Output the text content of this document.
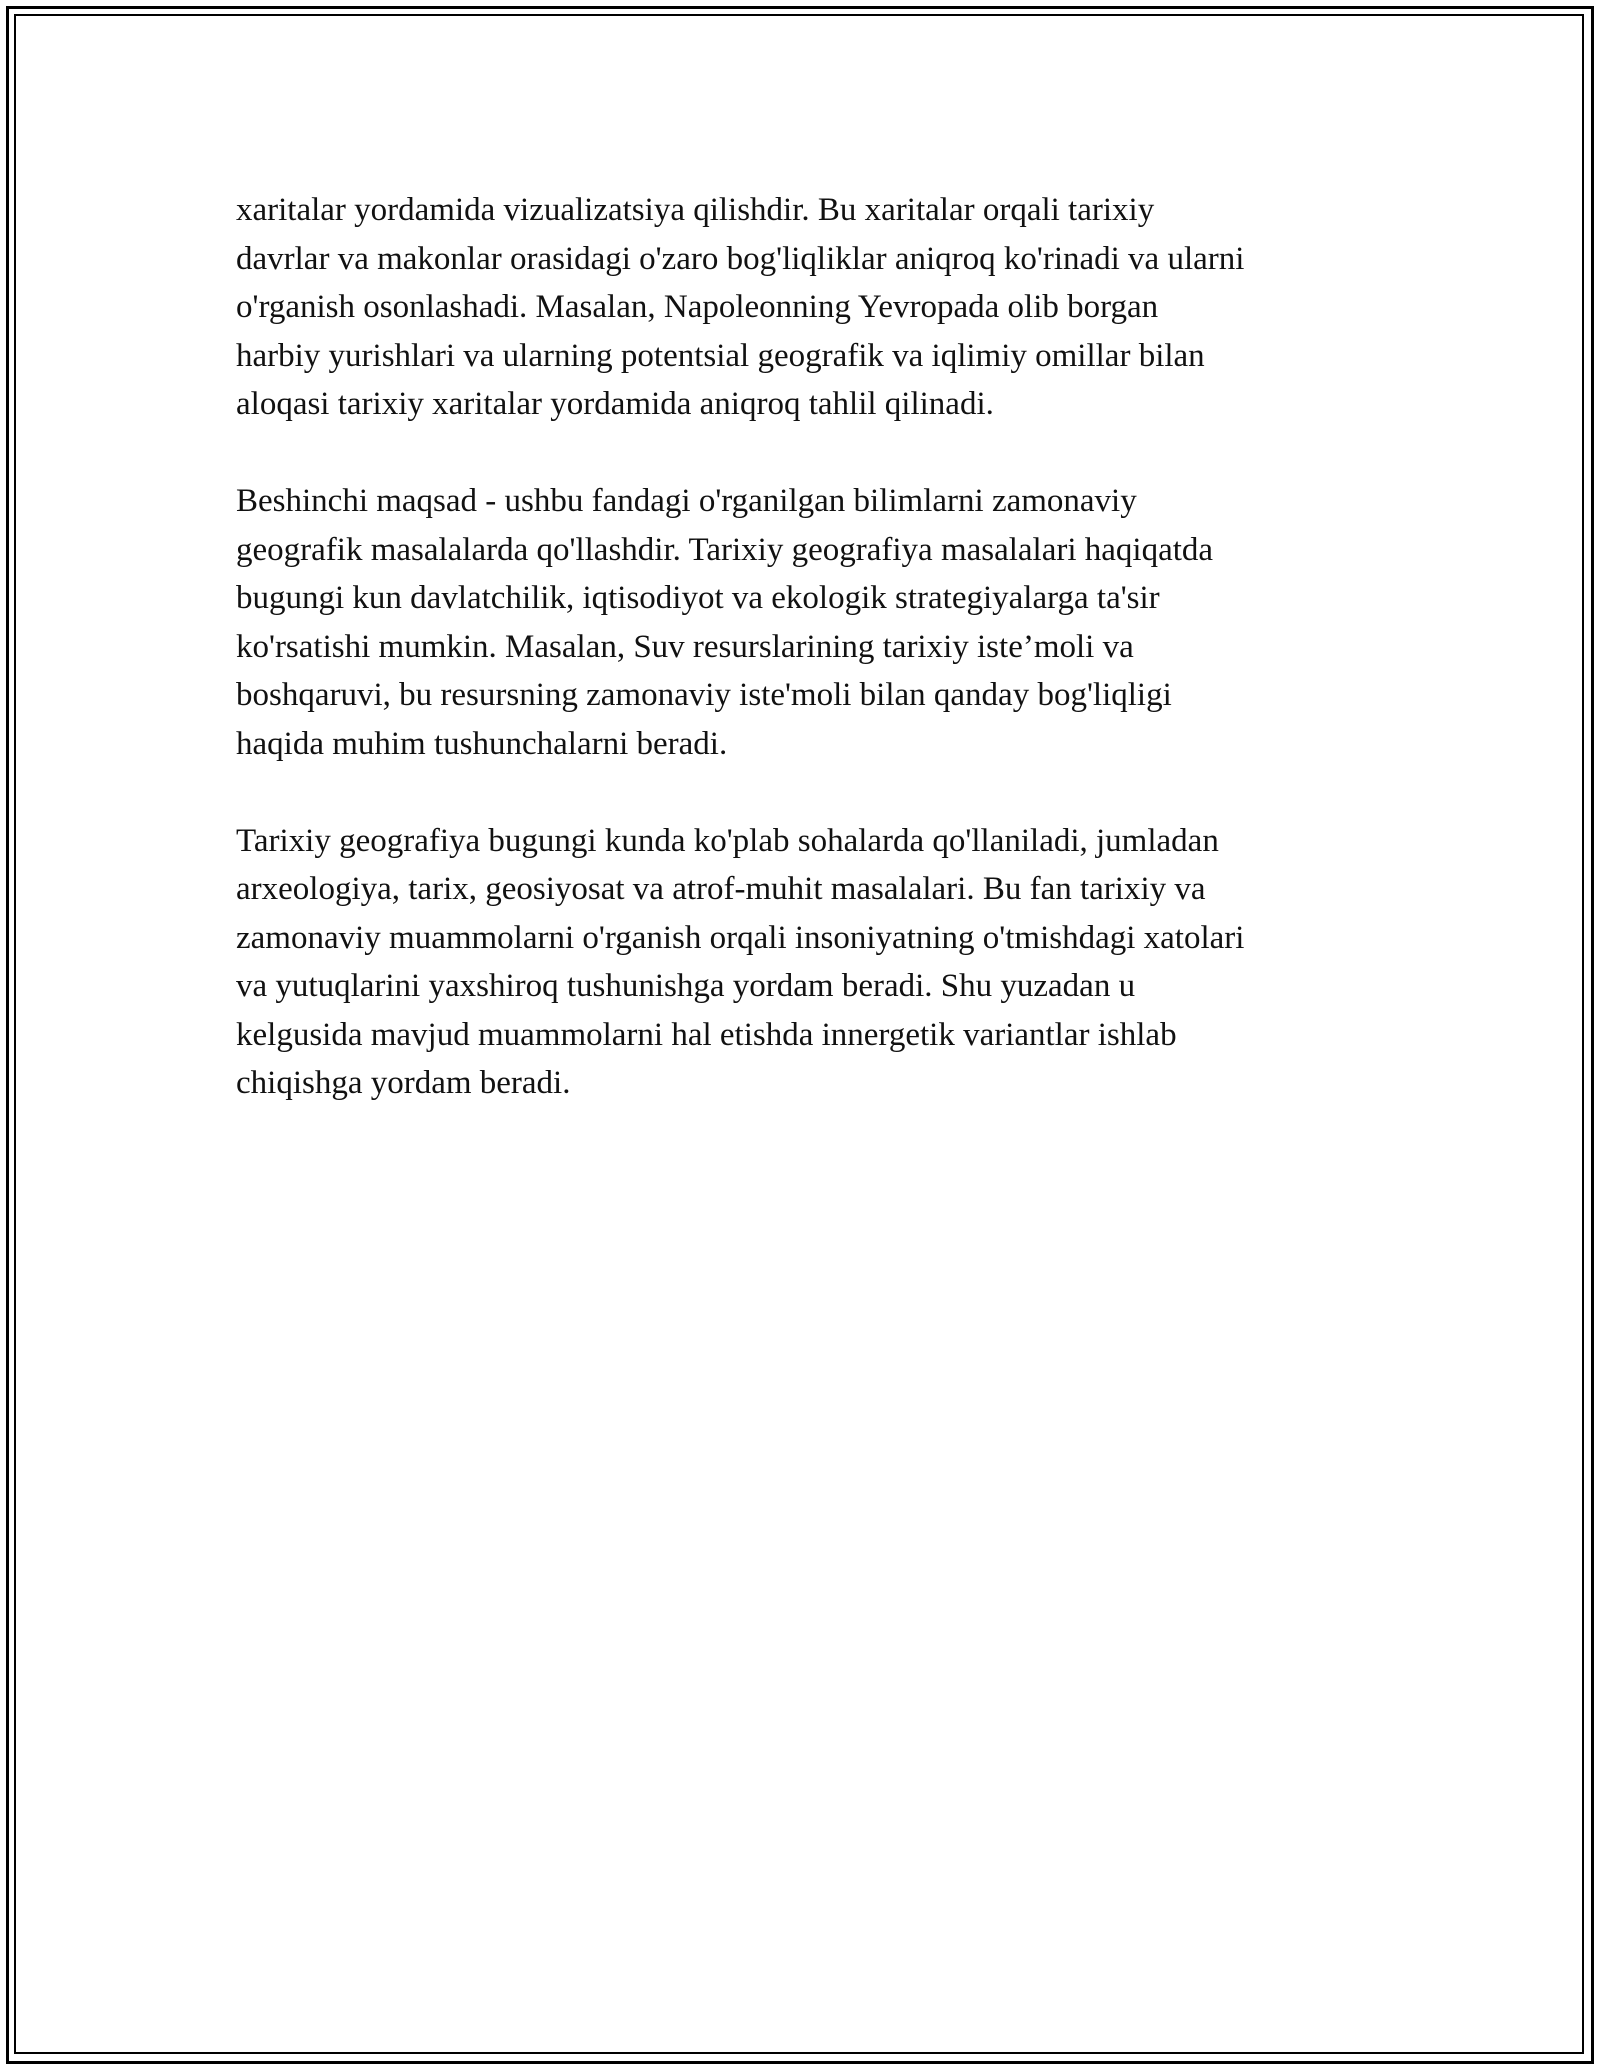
xaritalar yordamida vizualizatsiya qilishdir. Bu xaritalar orqali tarixiy
davrlar va makonlar orasidagi o'zaro bog'liqliklar aniqroq ko'rinadi va ularni
o'rganish osonlashadi. Masalan, Napoleonning Yevropada olib borgan
harbiy yurishlari va ularning potentsial geografik va iqlimiy omillar bilan
aloqasi tarixiy xaritalar yordamida aniqroq tahlil qilinadi.

Beshinchi maqsad - ushbu fandagi o'rganilgan bilimlarni zamonaviy
geografik masalalarda qo'llashdir. Tarixiy geografiya masalalari haqiqatda
bugungi kun davlatchilik, iqtisodiyot va ekologik strategiyalarga ta'sir
ko'rsatishi mumkin. Masalan, Suv resurslarining tarixiy iste’moli va
boshqaruvi, bu resursning zamonaviy iste'moli bilan qanday bog'liqligi
haqida muhim tushunchalarni beradi.

Tarixiy geografiya bugungi kunda ko'plab sohalarda qo'llaniladi, jumladan
arxeologiya, tarix, geosiyosat va atrof-muhit masalalari. Bu fan tarixiy va
zamonaviy muammolarni o'rganish orqali insoniyatning o'tmishdagi xatolari
va yutuqlarini yaxshiroq tushunishga yordam beradi. Shu yuzadan u
kelgusida mavjud muammolarni hal etishda innergetik variantlar ishlab
chiqishga yordam beradi.
